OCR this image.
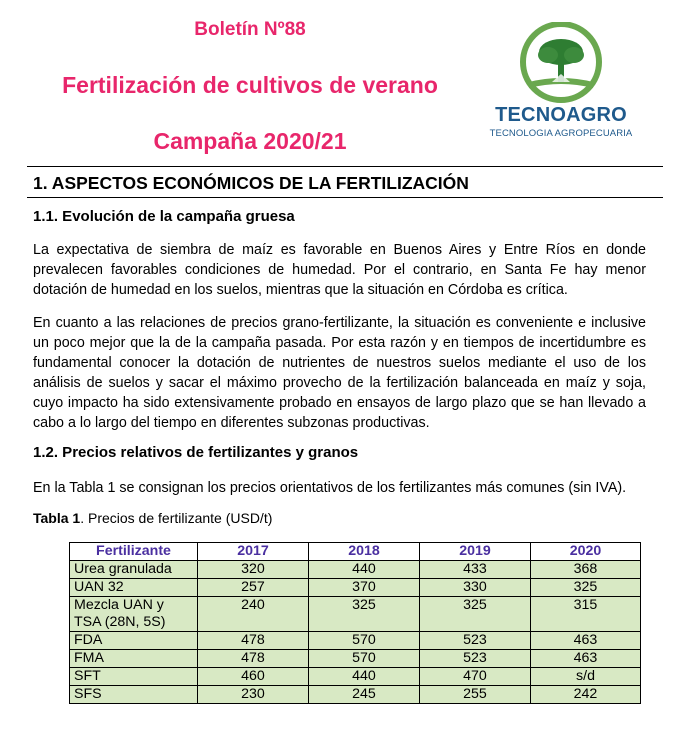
Boletín Nº88
Fertilización de cultivos de verano
Campaña 2020/21
TECNOAGRO
TECNOLOGIA AGROPECUARIA
1. ASPECTOS ECONÓMICOS DE LA FERTILIZACIÓN
1.1. Evolución de la campaña gruesa
La expectativa de siembra de maíz es favorable en Buenos Aires y Entre Ríos en donde prevalecen favorables condiciones de humedad. Por el contrario, en Santa Fe hay menor dotación de humedad en los suelos, mientras que la situación en Córdoba es crítica.
En cuanto a las relaciones de precios grano-fertilizante, la situación es conveniente e inclusive un poco mejor que la de la campaña pasada. Por esta razón y en tiempos de incertidumbre es fundamental conocer la dotación de nutrientes de nuestros suelos mediante el uso de los análisis de suelos y sacar el máximo provecho de la fertilización balanceada en maíz y soja, cuyo impacto ha sido extensivamente probado en ensayos de largo plazo que se han llevado a cabo a lo largo del tiempo en diferentes subzonas productivas.
1.2. Precios relativos de fertilizantes y granos
En la Tabla 1 se consignan los precios orientativos de los fertilizantes más comunes (sin IVA).
Tabla 1. Precios de fertilizante (USD/t)
Fertilizante	2017	2018	2019	2020
Urea granulada	320	440	433	368
UAN 32	257	370	330	325
Mezcla UAN y TSA (28N, 5S)	240	325	325	315
FDA	478	570	523	463
FMA	478	570	523	463
SFT	460	440	470	s/d
SFS	230	245	255	242
